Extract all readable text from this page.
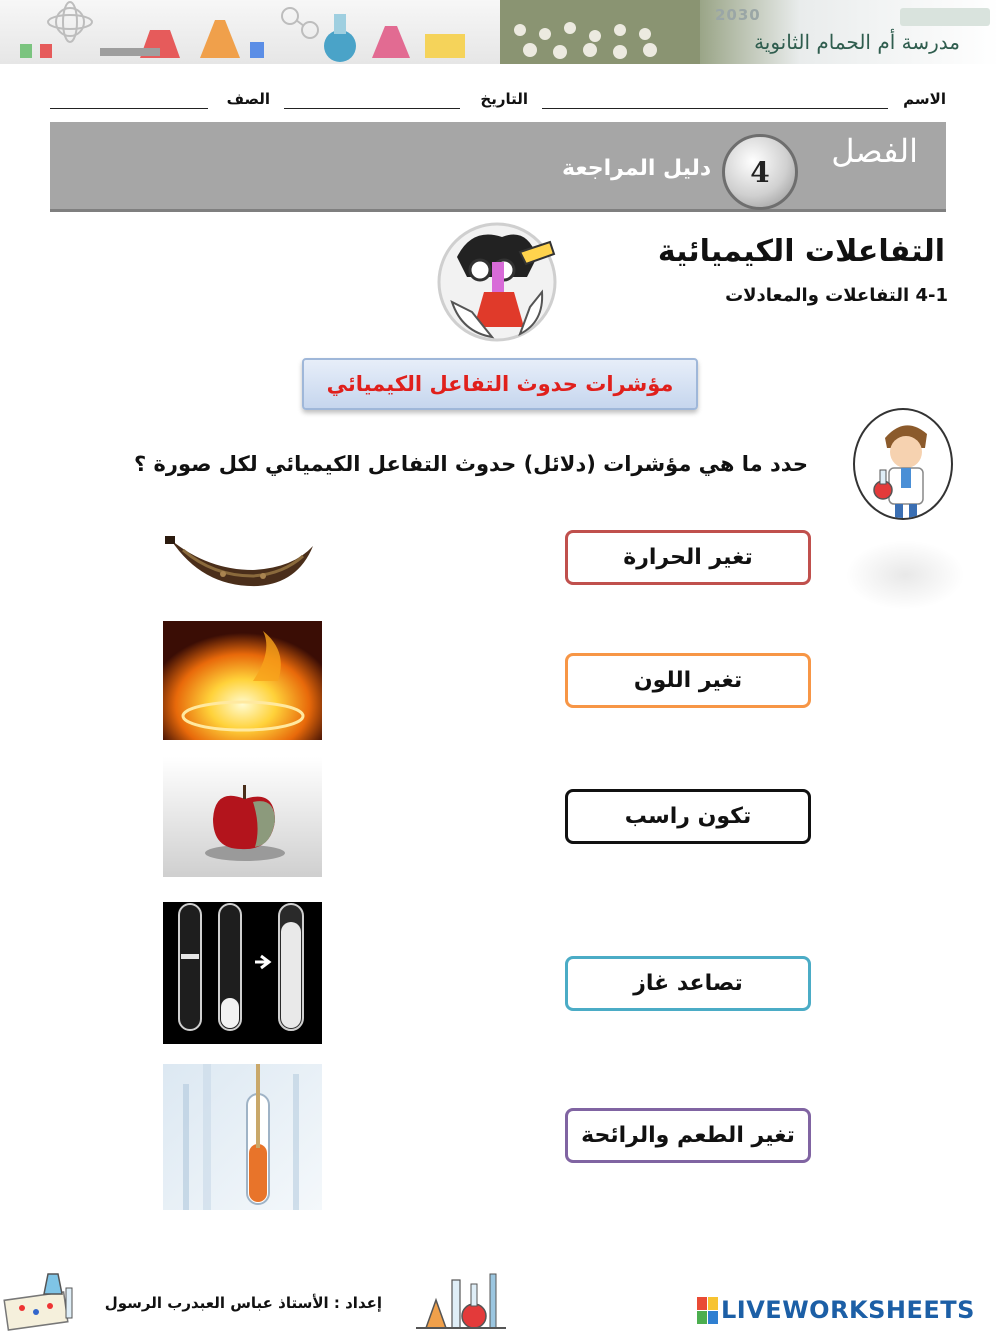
2030
مدرسة أم الحمام الثانوية
الاسم
التاريخ
الصف
الفصل
4
دليل المراجعة
التفاعلات الكيميائية
4-1 التفاعلات والمعادلات
مؤشرات حدوث التفاعل الكيميائي
حدد ما هي مؤشرات (دلائل) حدوث التفاعل الكيميائي لكل صورة ؟
تغير الحرارة
تغير اللون
تكون راسب
تصاعد غاز
تغير الطعم والرائحة
إعداد : الأستاذ عباس العبدرب الرسول	LIVEWORKSHEETS
